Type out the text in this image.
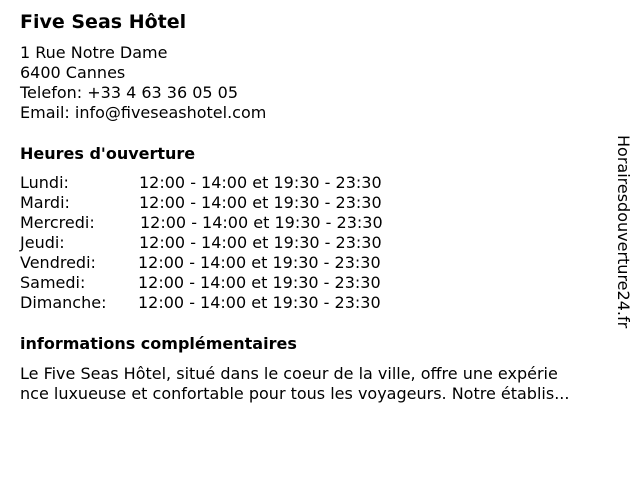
Five Seas Hôtel
1 Rue Notre Dame
6400 Cannes
Telefon: +33 4 63 36 05 05
Email: info@fiveseashotel.com
Heures d'ouverture
Lundi:	12:00 - 14:00 et 19:30 - 23:30
Mardi:	12:00 - 14:00 et 19:30 - 23:30
Mercredi:	12:00 - 14:00 et 19:30 - 23:30
Jeudi:	12:00 - 14:00 et 19:30 - 23:30
Vendredi:	12:00 - 14:00 et 19:30 - 23:30
Samedi:	12:00 - 14:00 et 19:30 - 23:30
Dimanche: 12:00 - 14:00 et 19:30 - 23:30
informations complémentaires
Le Five Seas Hôtel, situé dans le coeur de la ville, offre une expérie
nce luxueuse et confortable pour tous les voyageurs. Notre établis...
Horairesdouverture24.fr
